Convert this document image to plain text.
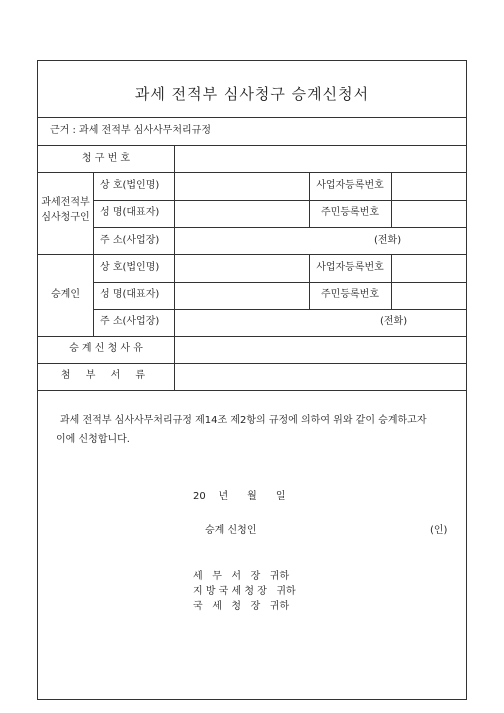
과세 전적부 심사청구 승계신청서
근거 : 과세 전적부 심사사무처리규정
청 구 번 호
과세전적부
심사청구인
상 호(법인명)	사업자등록번호
성 명(대표자)	주민등록번호
주 소(사업장)	(전화)
승계인
상 호(법인명)	사업자등록번호
성 명(대표자)	주민등록번호
주 소(사업장)	(전화)
승 계 신 청 사 유
첨 부 서 류
과세 전적부 심사사무처리규정 제14조 제2항의 규정에 의하여 위와 같이 승계하고자
이에 신청합니다.
20    년      월      일
승계 신청인	(인)
세   무   서   장   귀하
지 방 국 세 청 장   귀하
국   세   청   장   귀하
